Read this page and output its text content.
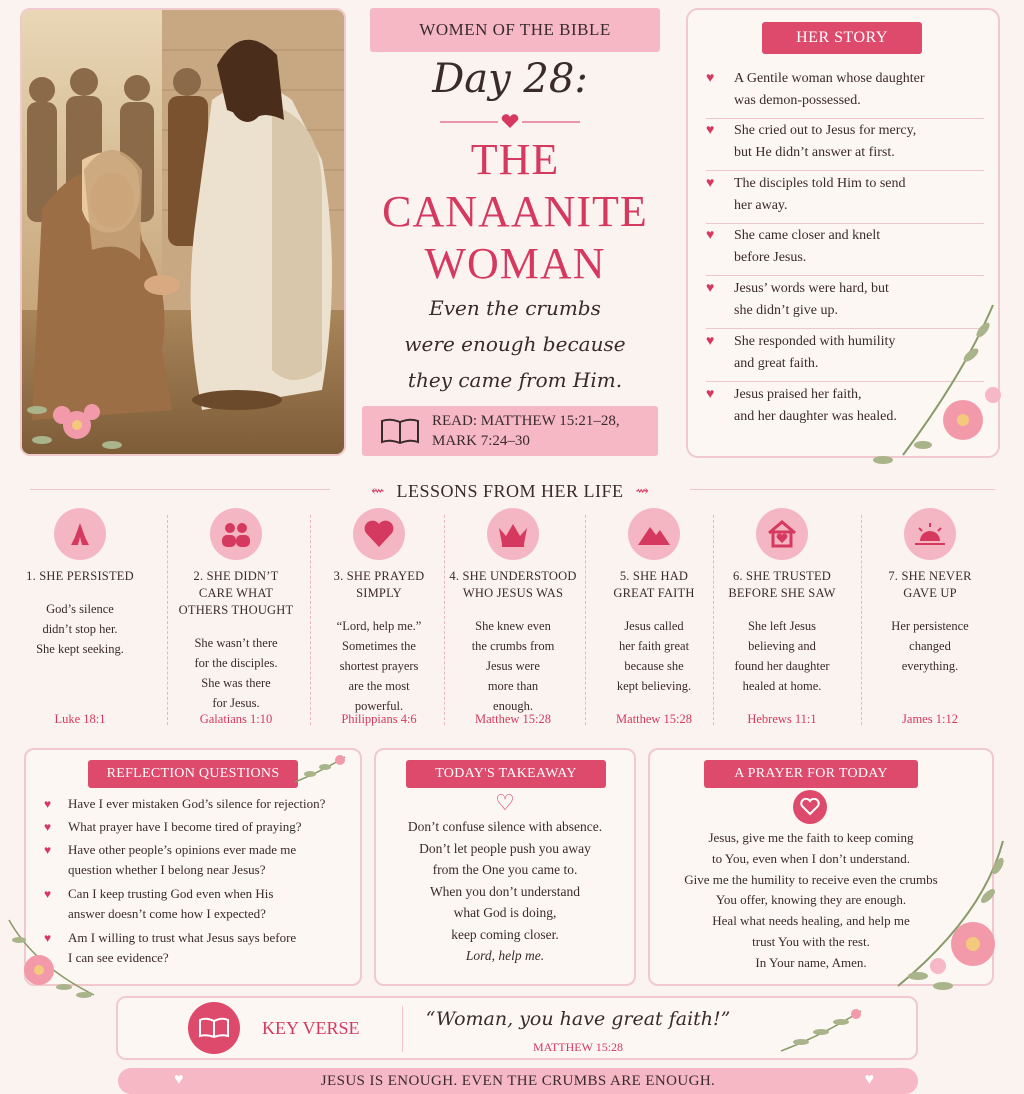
WOMEN OF THE BIBLE
Day 28:
THE
CANAANITE
WOMAN
Even the crumbs
were enough because
they came from Him.
READ: MATTHEW 15:21–28,
MARK 7:24–30
HER STORY
♥	A Gentile woman whose daughter
was demon-possessed.
♥	She cried out to Jesus for mercy,
but He didn’t answer at first.
♥	The disciples told Him to send
her away.
♥	She came closer and knelt
before Jesus.
♥	Jesus’ words were hard, but
she didn’t give up.
♥	She responded with humility
and great faith.
♥	Jesus praised her faith,
and her daughter was healed.
⇜ LESSONS FROM HER LIFE ⇝
1. SHE PERSISTED
God’s silence
didn’t stop her.
She kept seeking.
Luke 18:1
2. SHE DIDN’T
CARE WHAT
OTHERS THOUGHT
She wasn’t there
for the disciples.
She was there
for Jesus.
Galatians 1:10
3. SHE PRAYED
SIMPLY
“Lord, help me.”
Sometimes the
shortest prayers
are the most
powerful.
Philippians 4:6
4. SHE UNDERSTOOD
WHO JESUS WAS
She knew even
the crumbs from
Jesus were
more than
enough.
Matthew 15:28
5. SHE HAD
GREAT FAITH
Jesus called
her faith great
because she
kept believing.
Matthew 15:28
6. SHE TRUSTED
BEFORE SHE SAW
She left Jesus
believing and
found her daughter
healed at home.
Hebrews 11:1
7. SHE NEVER
GAVE UP
Her persistence
changed
everything.
James 1:12
REFLECTION QUESTIONS
♥	Have I ever mistaken God’s silence for rejection?
♥	What prayer have I become tired of praying?
♥	Have other people’s opinions ever made me
question whether I belong near Jesus?
♥	Can I keep trusting God even when His
answer doesn’t come how I expected?
♥	Am I willing to trust what Jesus says before
I can see evidence?
TODAY'S TAKEAWAY
♡
Don’t confuse silence with absence.
Don’t let people push you away
from the One you came to.
When you don’t understand
what God is doing,
keep coming closer.
Lord, help me.
A PRAYER FOR TODAY
Jesus, give me the faith to keep coming
to You, even when I don’t understand.
Give me the humility to receive even the crumbs
You offer, knowing they are enough.
Heal what needs healing, and help me
trust You with the rest.
In Your name, Amen.
KEY VERSE	“Woman, you have great faith!”
MATTHEW 15:28
♥	JESUS IS ENOUGH. EVEN THE CRUMBS ARE ENOUGH.	♥
